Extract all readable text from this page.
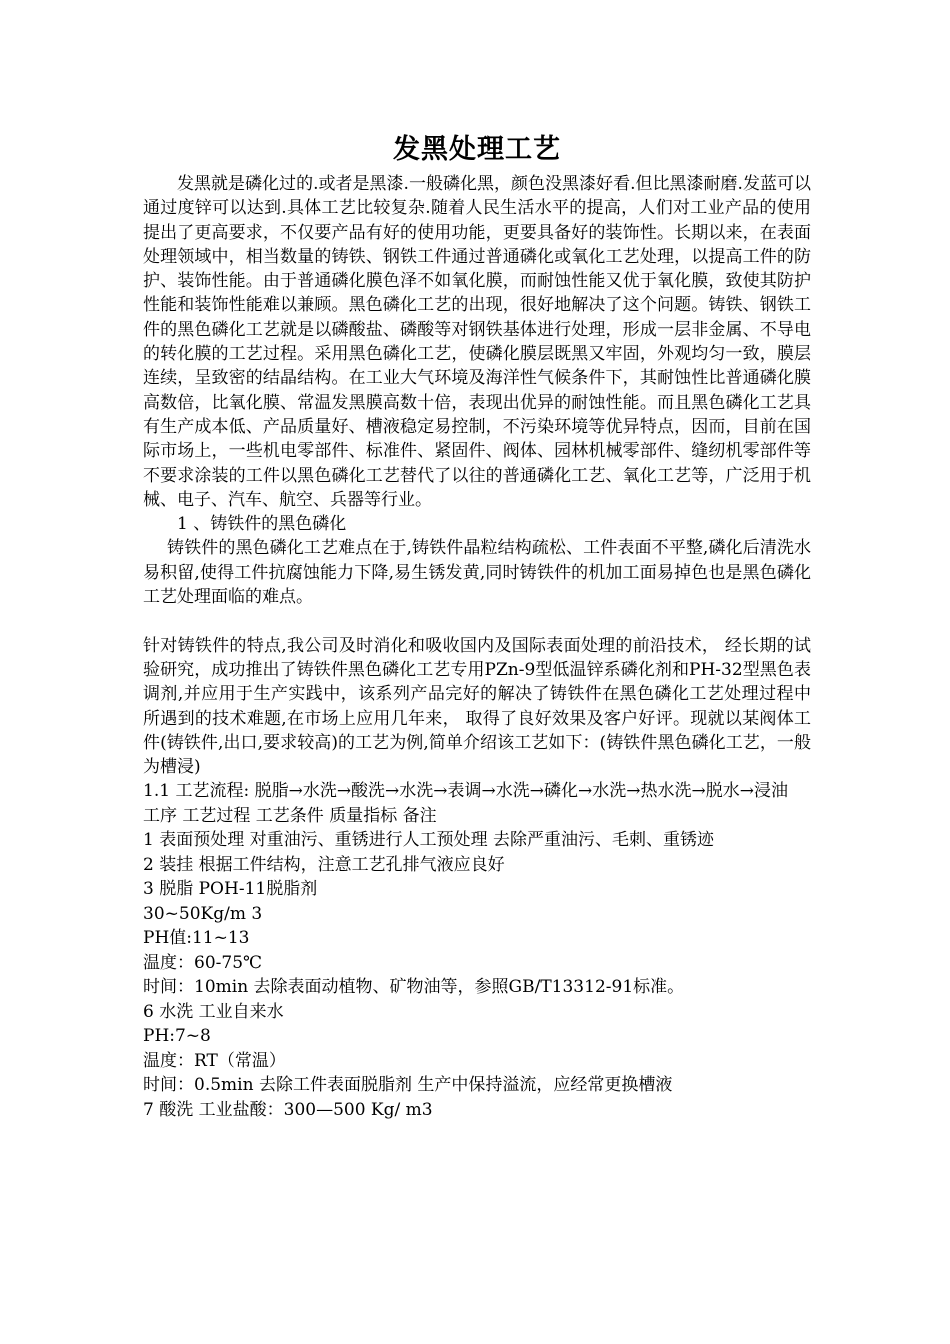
发黑处理工艺

发黑就是磷化过的.或者是黑漆.一般磷化黑，颜色没黑漆好看.但比黑漆耐磨.发蓝可以通过度锌可以达到.具体工艺比较复杂.随着人民生活水平的提高，人们对工业产品的使用提出了更高要求，不仅要产品有好的使用功能，更要具备好的装饰性。长期以来，在表面处理领域中，相当数量的铸铁、钢铁工件通过普通磷化或氧化工艺处理，以提高工件的防护、装饰性能。由于普通磷化膜色泽不如氧化膜，而耐蚀性能又优于氧化膜，致使其防护性能和装饰性能难以兼顾。黑色磷化工艺的出现，很好地解决了这个问题。铸铁、钢铁工件的黑色磷化工艺就是以磷酸盐、磷酸等对钢铁基体进行处理，形成一层非金属、不导电的转化膜的工艺过程。采用黑色磷化工艺，使磷化膜层既黑又牢固，外观均匀一致，膜层连续，呈致密的结晶结构。在工业大气环境及海洋性气候条件下，其耐蚀性比普通磷化膜高数倍，比氧化膜、常温发黑膜高数十倍，表现出优异的耐蚀性能。而且黑色磷化工艺具有生产成本低、产品质量好、槽液稳定易控制，不污染环境等优异特点，因而，目前在国际市场上，一些机电零部件、标准件、紧固件、阀体、园林机械零部件、缝纫机零部件等不要求涂装的工件以黑色磷化工艺替代了以往的普通磷化工艺、氧化工艺等，广泛用于机械、电子、汽车、航空、兵器等行业。

1 、铸铁件的黑色磷化

铸铁件的黑色磷化工艺难点在于,铸铁件晶粒结构疏松、工件表面不平整,磷化后清洗水易积留,使得工件抗腐蚀能力下降,易生锈发黄,同时铸铁件的机加工面易掉色也是黑色磷化工艺处理面临的难点。

针对铸铁件的特点,我公司及时消化和吸收国内及国际表面处理的前沿技术， 经长期的试验研究，成功推出了铸铁件黑色磷化工艺专用PZn-9型低温锌系磷化剂和PH-32型黑色表调剂,并应用于生产实践中，该系列产品完好的解决了铸铁件在黑色磷化工艺处理过程中所遇到的技术难题,在市场上应用几年来， 取得了良好效果及客户好评。现就以某阀体工件(铸铁件,出口,要求较高)的工艺为例,简单介绍该工艺如下：(铸铁件黑色磷化工艺，一般为槽浸)

1.1 工艺流程: 脱脂→水洗→酸洗→水洗→表调→水洗→磷化→水洗→热水洗→脱水→浸油

工序 工艺过程 工艺条件 质量指标 备注

1 表面预处理 对重油污、重锈进行人工预处理 去除严重油污、毛刺、重锈迹

2 装挂 根据工件结构，注意工艺孔排气液应良好

3 脱脂 POH-11脱脂剂

30~50Kg/m 3

PH值:11~13

温度：60-75℃

时间：10min 去除表面动植物、矿物油等，参照GB/T13312-91标准。

6 水洗 工业自来水

PH:7~8

温度：RT（常温）

时间：0.5min 去除工件表面脱脂剂 生产中保持溢流，应经常更换槽液

7 酸洗 工业盐酸：300—500 Kg/ m3
